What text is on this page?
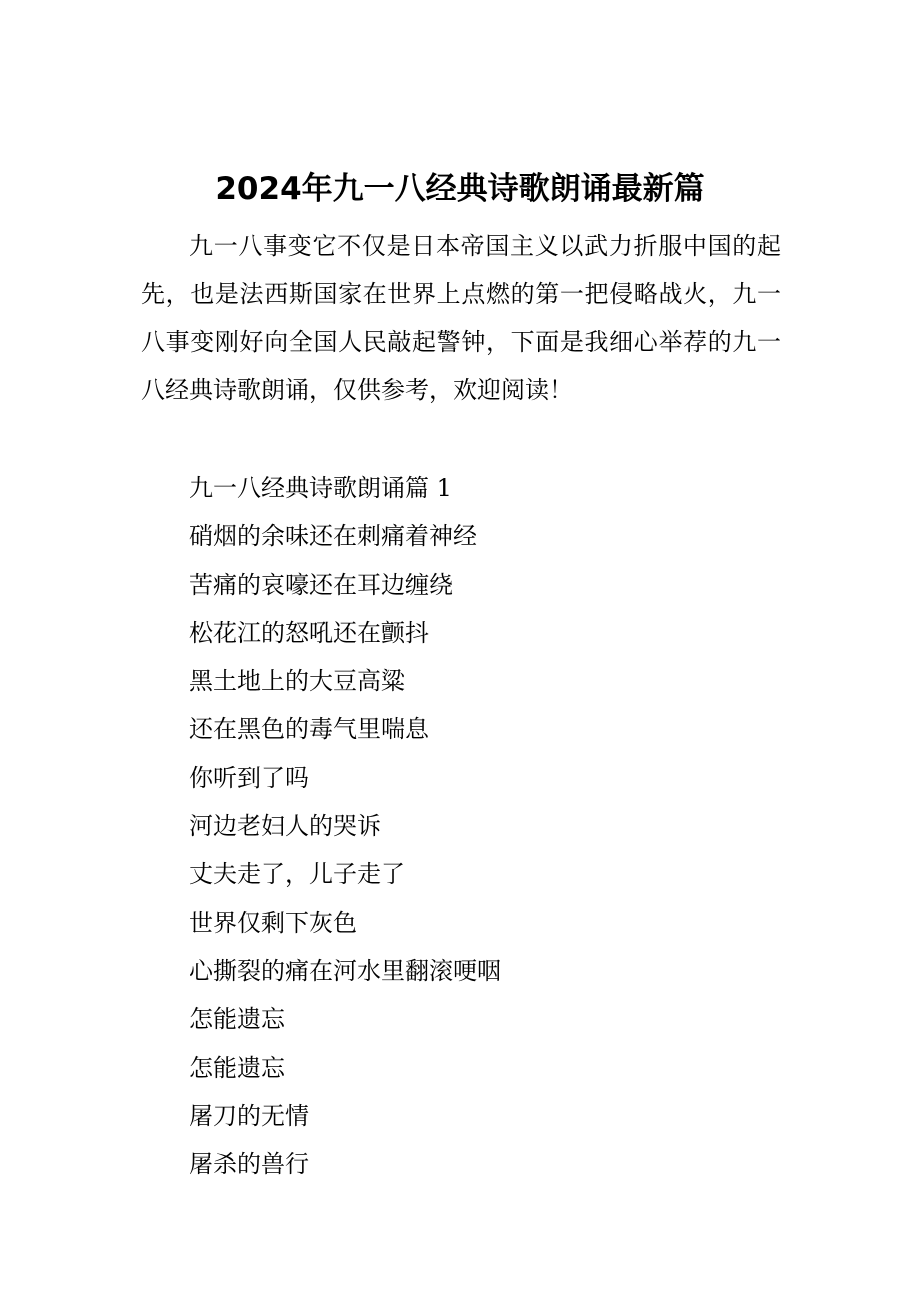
2024年九一八经典诗歌朗诵最新篇

九一八事变它不仅是日本帝国主义以武力折服中国的起先，也是法西斯国家在世界上点燃的第一把侵略战火，九一八事变刚好向全国人民敲起警钟，下面是我细心举荐的九一八经典诗歌朗诵，仅供参考，欢迎阅读！

九一八经典诗歌朗诵篇 1
硝烟的余味还在刺痛着神经
苦痛的哀嚎还在耳边缠绕
松花江的怒吼还在颤抖
黑土地上的大豆高粱
还在黑色的毒气里喘息
你听到了吗
河边老妇人的哭诉
丈夫走了，儿子走了
世界仅剩下灰色
心撕裂的痛在河水里翻滚哽咽
怎能遗忘
怎能遗忘
屠刀的无情
屠杀的兽行
